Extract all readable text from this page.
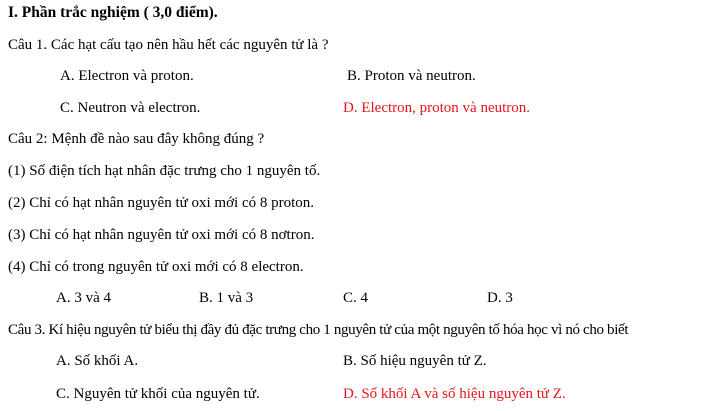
I. Phần trắc nghiệm ( 3,0 điểm).
Câu 1. Các hạt cấu tạo nên hầu hết các nguyên tử là ?
A. Electron và proton.	B. Proton và neutron.
C. Neutron và electron.	D. Electron, proton và neutron.
Câu 2: Mệnh đề nào sau đây không đúng ?
(1) Số điện tích hạt nhân đặc trưng cho 1 nguyên tố.
(2) Chỉ có hạt nhân nguyên tử oxi mới có 8 proton.
(3) Chỉ có hạt nhân nguyên tử oxi mới có 8 nơtron.
(4) Chỉ có trong nguyên tử oxi mới có 8 electron.
A. 3 và 4	B. 1 và 3	C. 4	D. 3
Câu 3. Kí hiệu nguyên tử biểu thị đầy đủ đặc trưng cho 1 nguyên tử của một nguyên tố hóa học vì nó cho biết
A. Số khối A.	B. Số hiệu nguyên tử Z.
C. Nguyên tử khối của nguyên tử.	D. Số khối A và số hiệu nguyên tử Z.
